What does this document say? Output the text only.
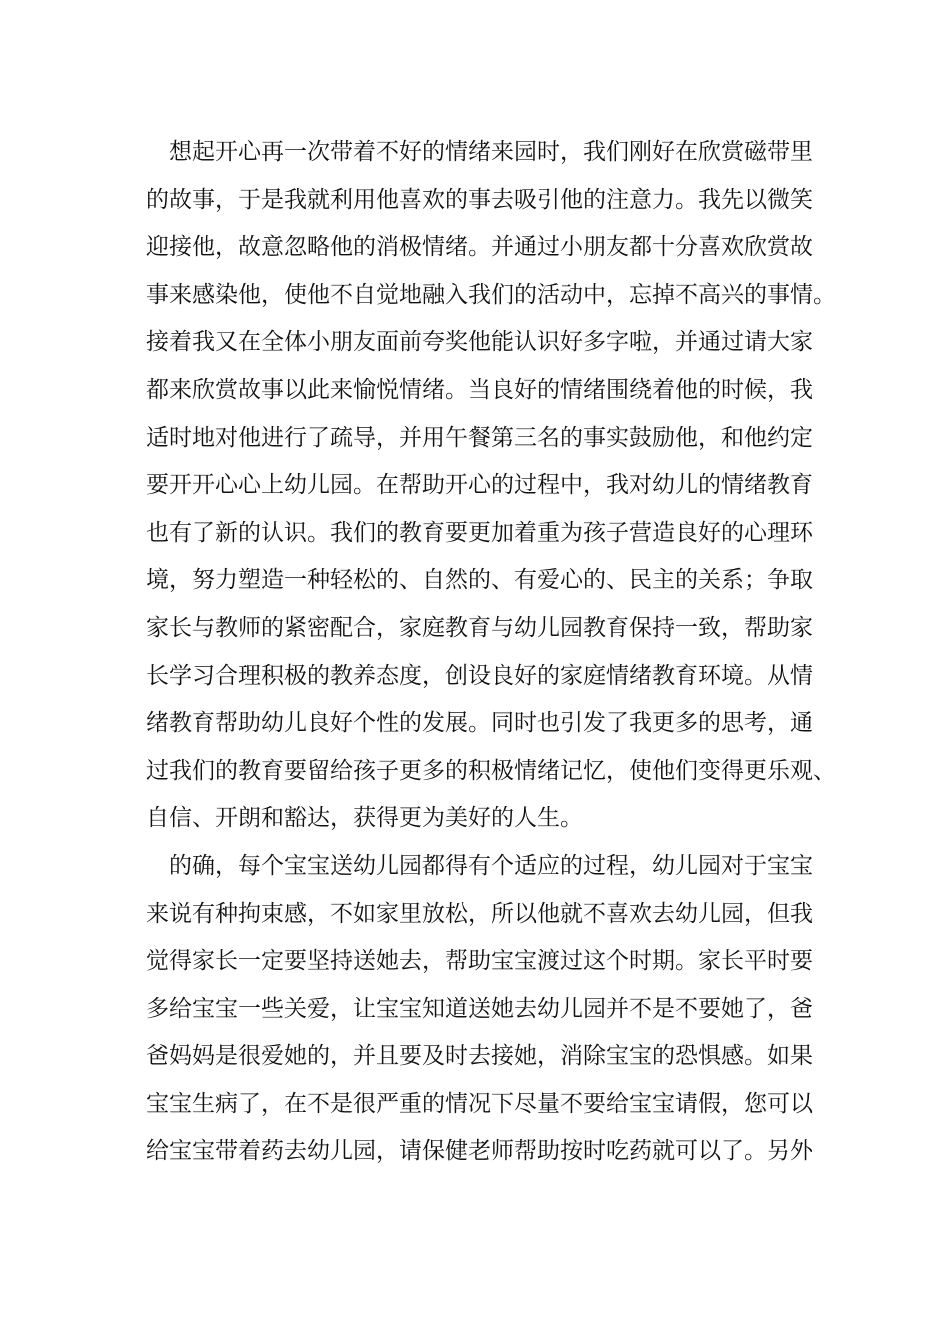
想起开心再一次带着不好的情绪来园时，我们刚好在欣赏磁带里
的故事，于是我就利用他喜欢的事去吸引他的注意力。我先以微笑
迎接他，故意忽略他的消极情绪。并通过小朋友都十分喜欢欣赏故
事来感染他，使他不自觉地融入我们的活动中，忘掉不高兴的事情。
接着我又在全体小朋友面前夸奖他能认识好多字啦，并通过请大家
都来欣赏故事以此来愉悦情绪。当良好的情绪围绕着他的时候，我
适时地对他进行了疏导，并用午餐第三名的事实鼓励他，和他约定
要开开心心上幼儿园。在帮助开心的过程中，我对幼儿的情绪教育
也有了新的认识。我们的教育要更加着重为孩子营造良好的心理环
境，努力塑造一种轻松的、自然的、有爱心的、民主的关系；争取
家长与教师的紧密配合，家庭教育与幼儿园教育保持一致，帮助家
长学习合理积极的教养态度，创设良好的家庭情绪教育环境。从情
绪教育帮助幼儿良好个性的发展。同时也引发了我更多的思考，通
过我们的教育要留给孩子更多的积极情绪记忆，使他们变得更乐观、
自信、开朗和豁达，获得更为美好的人生。
的确，每个宝宝送幼儿园都得有个适应的过程，幼儿园对于宝宝
来说有种拘束感，不如家里放松，所以他就不喜欢去幼儿园，但我
觉得家长一定要坚持送她去，帮助宝宝渡过这个时期。家长平时要
多给宝宝一些关爱，让宝宝知道送她去幼儿园并不是不要她了，爸
爸妈妈是很爱她的，并且要及时去接她，消除宝宝的恐惧感。如果
宝宝生病了，在不是很严重的情况下尽量不要给宝宝请假，您可以
给宝宝带着药去幼儿园，请保健老师帮助按时吃药就可以了。另外
